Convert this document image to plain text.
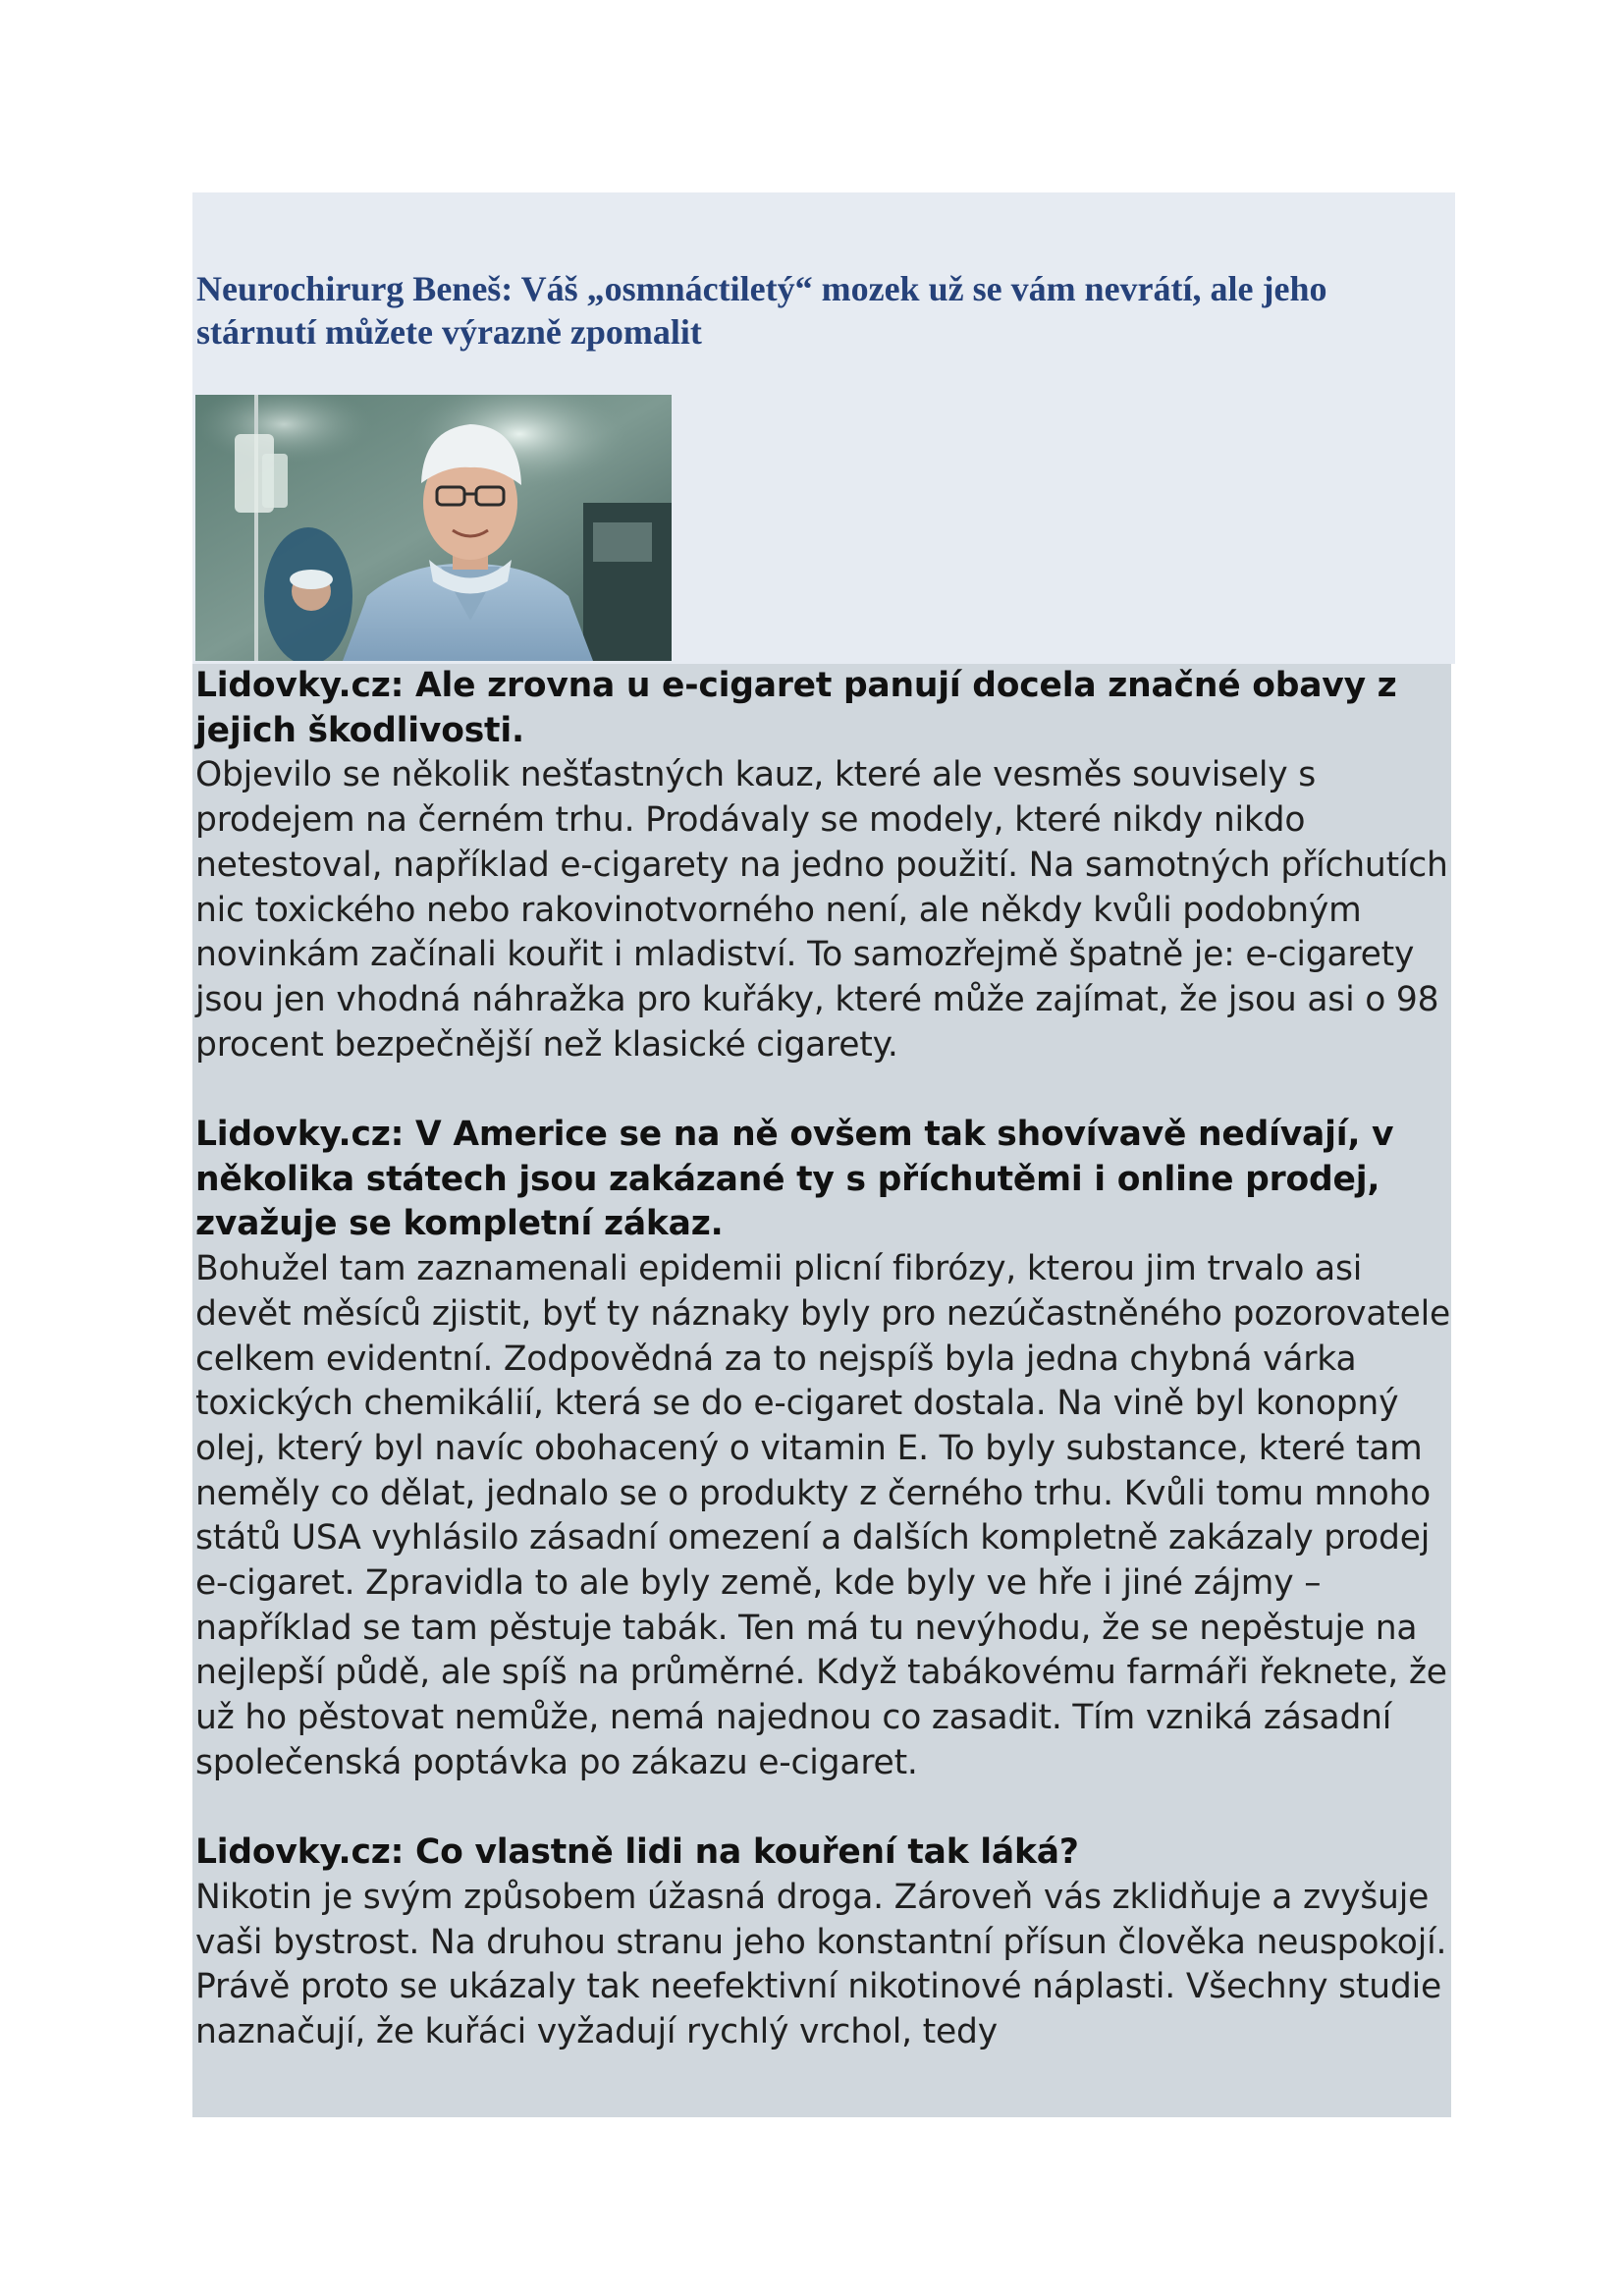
Neurochirurg Beneš: Váš „osmnáctiletý“ mozek už se vám nevrátí, ale jeho stárnutí můžete výrazně zpomalit

Lidovky.cz: Ale zrovna u e-cigaret panují docela značné obavy z jejich škodlivosti.

Objevilo se několik nešťastných kauz, které ale vesměs souvisely s prodejem na černém trhu. Prodávaly se modely, které nikdy nikdo netestoval, například e-cigarety na jedno použití. Na samotných příchutích nic toxického nebo rakovinotvorného není, ale někdy kvůli podobným novinkám začínali kouřit i mladiství. To samozřejmě špatně je: e-cigarety jsou jen vhodná náhražka pro kuřáky, které může zajímat, že jsou asi o 98 procent bezpečnější než klasické cigarety.

Lidovky.cz: V Americe se na ně ovšem tak shovívavě nedívají, v několika státech jsou zakázané ty s příchutěmi i online prodej, zvažuje se kompletní zákaz.

Bohužel tam zaznamenali epidemii plicní fibrózy, kterou jim trvalo asi devět měsíců zjistit, byť ty náznaky byly pro nezúčastněného pozorovatele celkem evidentní. Zodpovědná za to nejspíš byla jedna chybná várka toxických chemikálií, která se do e-cigaret dostala. Na vině byl konopný olej, který byl navíc obohacený o vitamin E. To byly substance, které tam neměly co dělat, jednalo se o produkty z černého trhu. Kvůli tomu mnoho států USA vyhlásilo zásadní omezení a dalších kompletně zakázaly prodej e-cigaret. Zpravidla to ale byly země, kde byly ve hře i jiné zájmy – například se tam pěstuje tabák. Ten má tu nevýhodu, že se nepěstuje na nejlepší půdě, ale spíš na průměrné. Když tabákovému farmáři řeknete, že už ho pěstovat nemůže, nemá najednou co zasadit. Tím vzniká zásadní společenská poptávka po zákazu e-cigaret.

Lidovky.cz: Co vlastně lidi na kouření tak láká?

Nikotin je svým způsobem úžasná droga. Zároveň vás zklidňuje a zvyšuje vaši bystrost. Na druhou stranu jeho konstantní přísun člověka neuspokojí. Právě proto se ukázaly tak neefektivní nikotinové náplasti. Všechny studie naznačují, že kuřáci vyžadují rychlý vrchol, tedy
